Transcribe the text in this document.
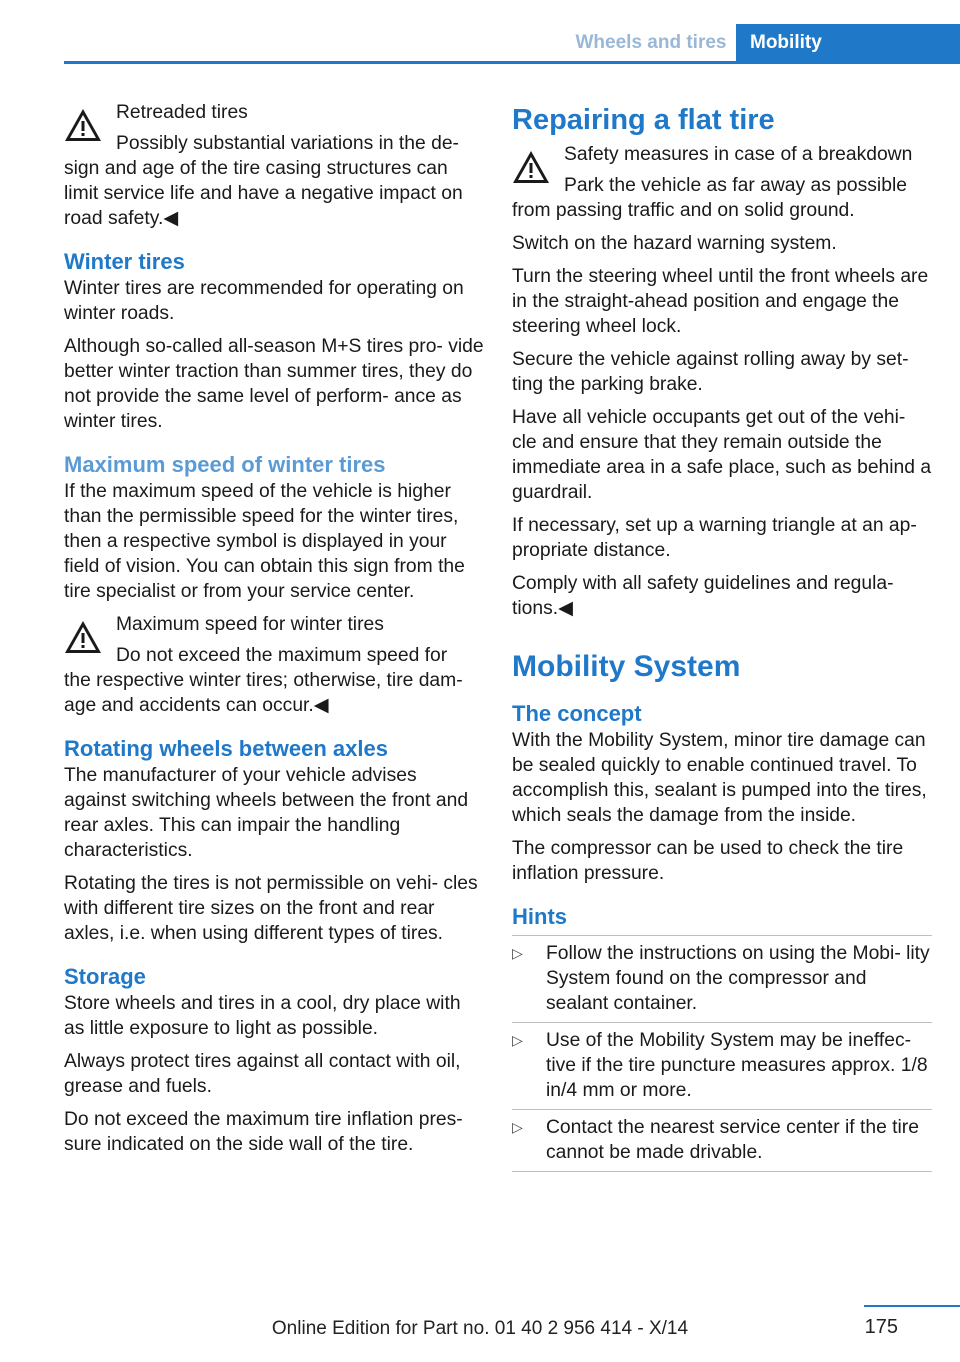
Wheels and tires	Mobility

Retreaded tires

Possibly substantial variations in the de‐

sign and age of the tire casing structures can limit service life and have a negative impact on road safety.◀

Winter tires

Winter tires are recommended for operating on winter roads.

Although so-called all-season M+S tires pro‐ vide better winter traction than summer tires, they do not provide the same level of perform‐ ance as winter tires.

Maximum speed of winter tires

If the maximum speed of the vehicle is higher than the permissible speed for the winter tires, then a respective symbol is displayed in your field of vision. You can obtain this sign from the tire specialist or from your service center.

Maximum speed for winter tires

Do not exceed the maximum speed for

the respective winter tires; otherwise, tire dam‐ age and accidents can occur.◀

Rotating wheels between axles

The manufacturer of your vehicle advises against switching wheels between the front and rear axles. This can impair the handling characteristics.

Rotating the tires is not permissible on vehi‐ cles with different tire sizes on the front and rear axles, i.e. when using different types of tires.

Storage

Store wheels and tires in a cool, dry place with as little exposure to light as possible.

Always protect tires against all contact with oil, grease and fuels.

Do not exceed the maximum tire inflation pres‐ sure indicated on the side wall of the tire.

Repairing a flat tire

Safety measures in case of a breakdown

Park the vehicle as far away as possible

from passing traffic and on solid ground.

Switch on the hazard warning system.

Turn the steering wheel until the front wheels are in the straight-ahead position and engage the steering wheel lock.

Secure the vehicle against rolling away by set‐ ting the parking brake.

Have all vehicle occupants get out of the vehi‐ cle and ensure that they remain outside the immediate area in a safe place, such as behind a guardrail.

If necessary, set up a warning triangle at an ap‐ propriate distance.

Comply with all safety guidelines and regula‐ tions.◀

Mobility System
The concept

With the Mobility System, minor tire damage can be sealed quickly to enable continued travel. To accomplish this, sealant is pumped into the tires, which seals the damage from the inside.

The compressor can be used to check the tire inflation pressure.

Hints
▷ Follow the instructions on using the Mobi‐ lity System found on the compressor and sealant container.
▷ Use of the Mobility System may be ineffec‐ tive if the tire puncture measures approx. 1/8 in/4 mm or more.
▷ Contact the nearest service center if the tire cannot be made drivable.
175
Online Edition for Part no. 01 40 2 956 414 - X/14
